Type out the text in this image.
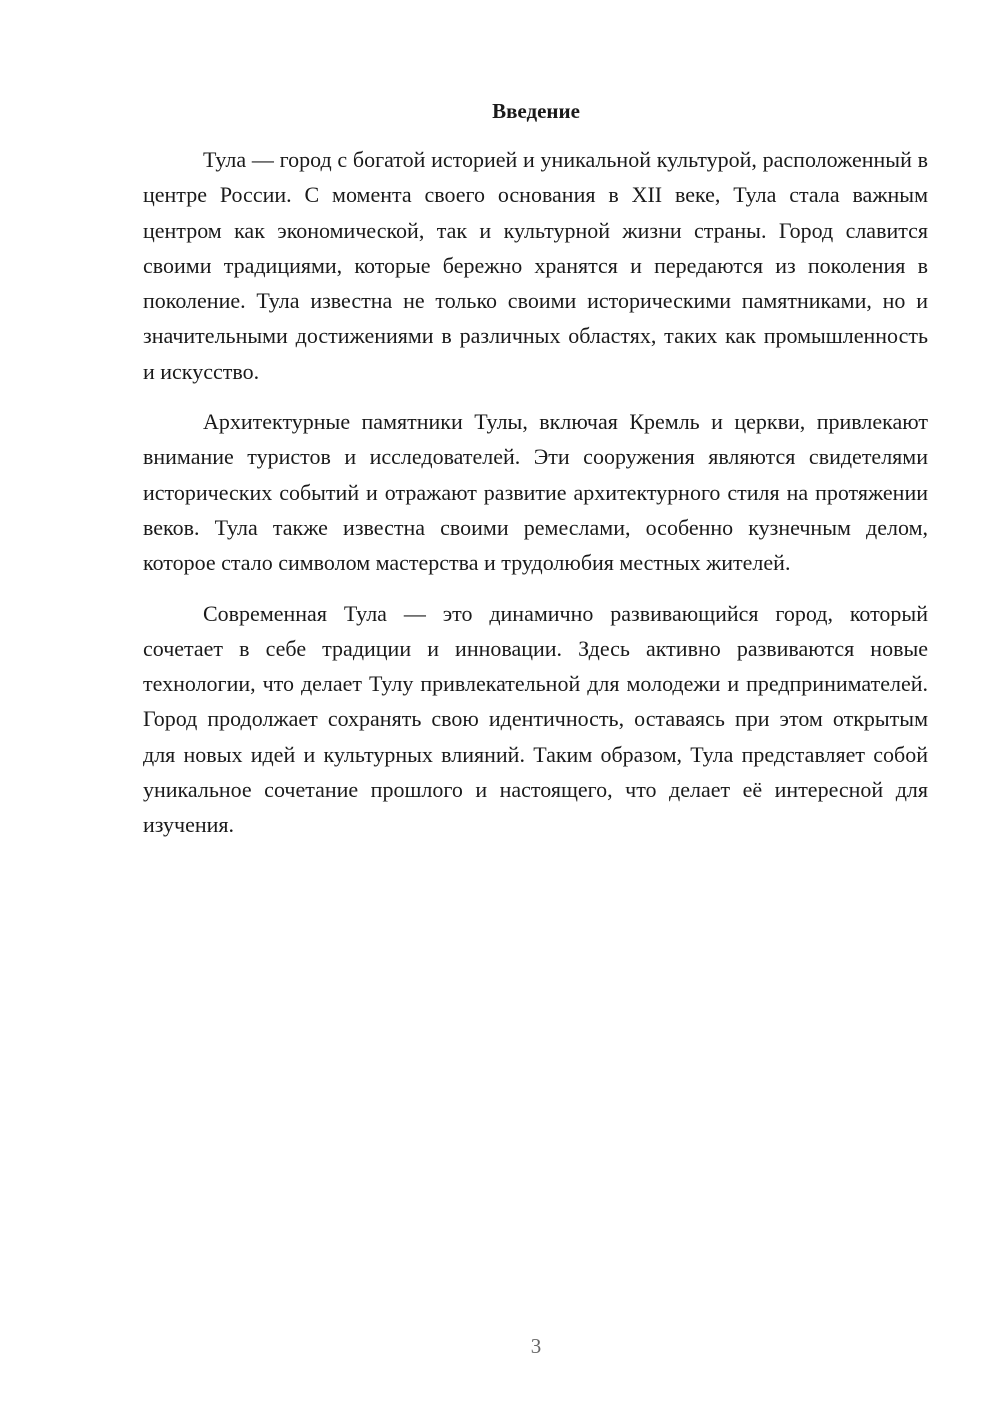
Введение

Тула — город с богатой историей и уникальной культурой, расположенный в центре России. С момента своего основания в XII веке, Тула стала важным центром как экономической, так и культурной жизни страны. Город славится своими традициями, которые бережно хранятся и передаются из поколения в поколение. Тула известна не только своими историческими памятниками, но и значительными достижениями в различных областях, таких как промышленность и искусство.

Архитектурные памятники Тулы, включая Кремль и церкви, привлекают внимание туристов и исследователей. Эти сооружения являются свидетелями исторических событий и отражают развитие архитектурного стиля на протяжении веков. Тула также известна своими ремеслами, особенно кузнечным делом, которое стало символом мастерства и трудолюбия местных жителей.

Современная Тула — это динамично развивающийся город, который сочетает в себе традиции и инновации. Здесь активно развиваются новые технологии, что делает Тулу привлекательной для молодежи и предпринимателей. Город продолжает сохранять свою идентичность, оставаясь при этом открытым для новых идей и культурных влияний. Таким образом, Тула представляет собой уникальное сочетание прошлого и настоящего, что делает её интересной для изучения.

3
